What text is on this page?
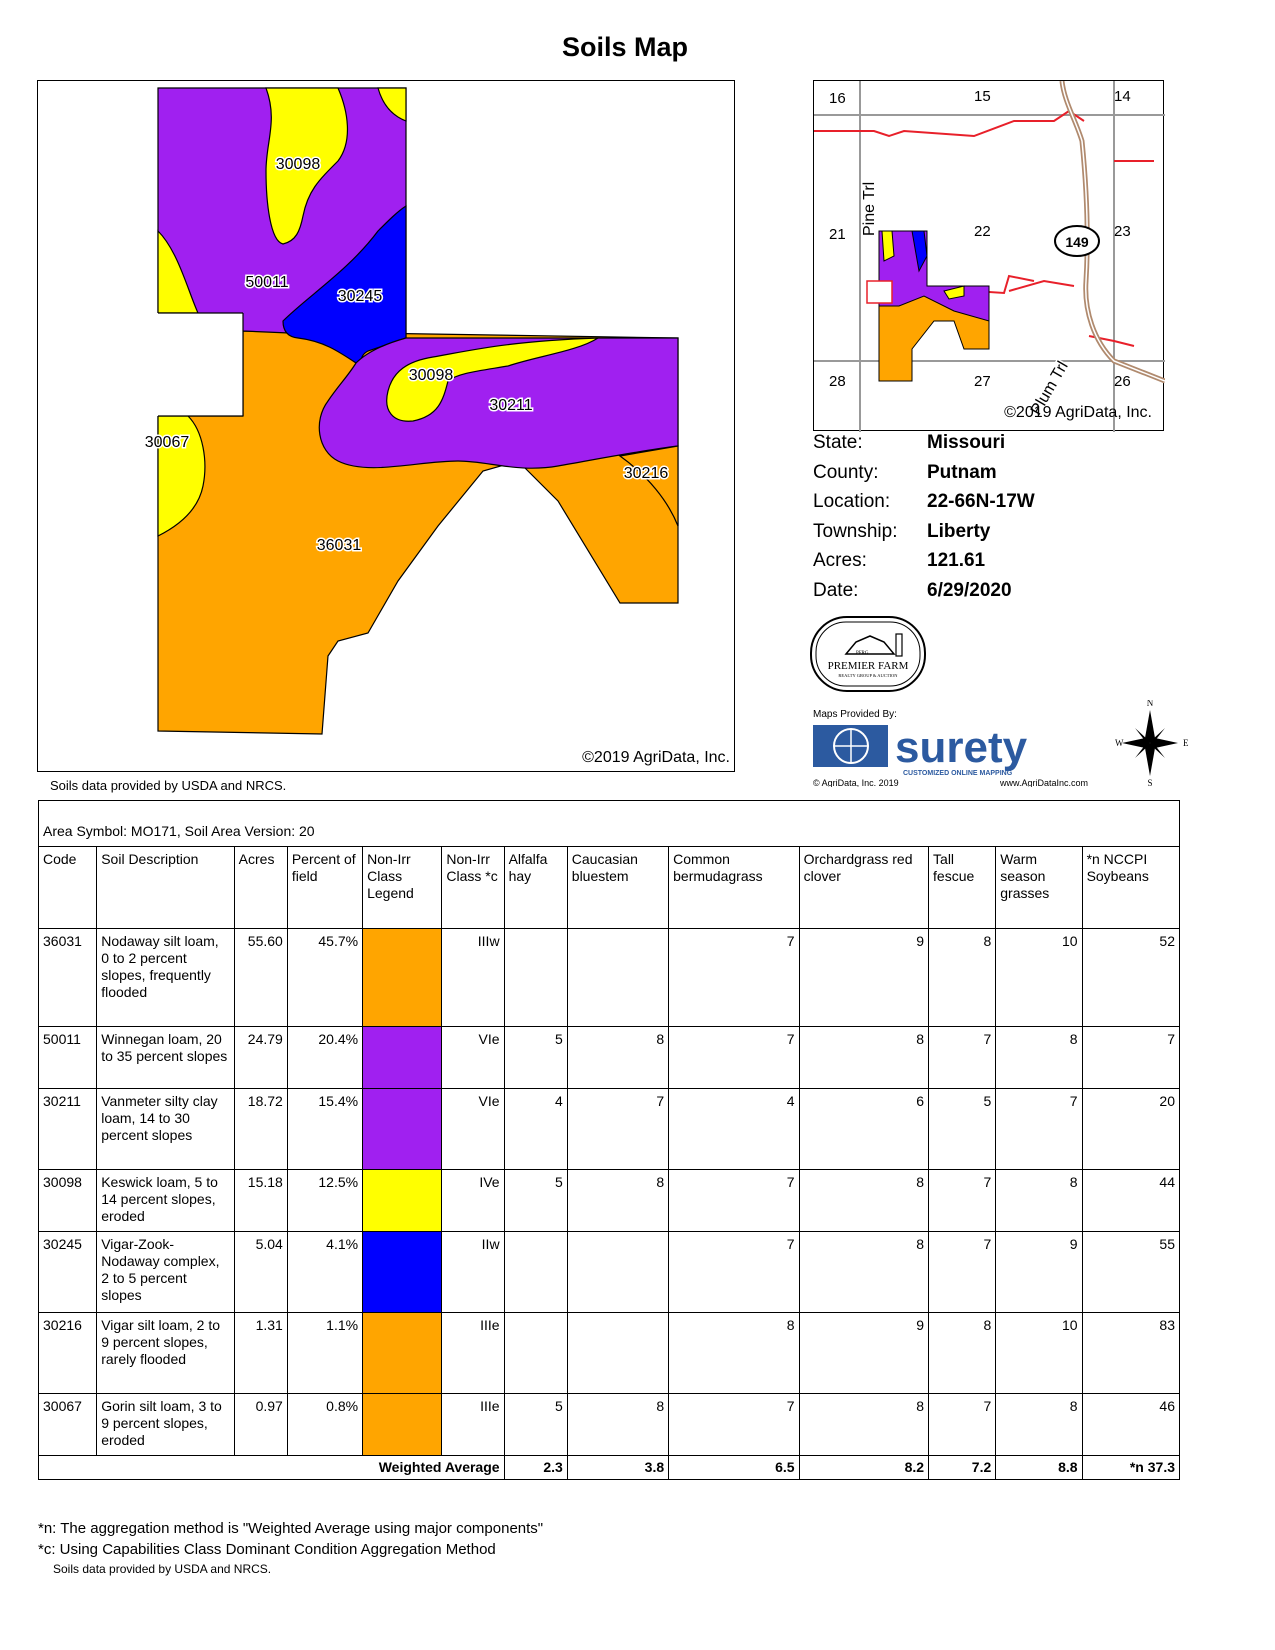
Soils Map
30098
50011
30245
30098
30211
30067
30216
36031
©2019 AgriData, Inc.
Soils data provided by USDA and NRCS.
16	15	14
21	22	23
28	27	26
Pine Trl
Plum Trl
149
©2019 AgriData, Inc.
State:	Missouri
County:	Putnam
Location:	22-66N-17W
Township:	Liberty
Acres:	121.61
Date:	6/29/2020
PFRG
PREMIER FARM
REALTY GROUP & AUCTION
Maps Provided By:
surety
CUSTOMIZED ONLINE MAPPING
© AgriData, Inc. 2019	www.AgriDataInc.com
N
S
W	E
Area Symbol: MO171, Soil Area Version: 20												
Code	Soil Description	Acres	Percent of field	Non-Irr Class Legend	Non-Irr Class *c	Alfalfa hay	Caucasian bluestem	Common bermudagrass	Orchardgrass red clover	Tall fescue	Warm season grasses	*n NCCPI Soybeans
36031	Nodaway silt loam, 0 to 2 percent slopes, frequently flooded	55.60	45.7%		IIIw			7	9	8	10	52
50011	Winnegan loam, 20 to 35 percent slopes	24.79	20.4%		VIe	5	8	7	8	7	8	7
30211	Vanmeter silty clay loam, 14 to 30 percent slopes	18.72	15.4%		VIe	4	7	4	6	5	7	20
30098	Keswick loam, 5 to 14 percent slopes, eroded	15.18	12.5%		IVe	5	8	7	8	7	8	44
30245	Vigar-Zook-Nodaway complex, 2 to 5 percent slopes	5.04	4.1%		IIw			7	8	7	9	55
30216	Vigar silt loam, 2 to 9 percent slopes, rarely flooded	1.31	1.1%		IIIe			8	9	8	10	83
30067	Gorin silt loam, 3 to 9 percent slopes, eroded	0.97	0.8%		IIIe	5	8	7	8	7	8	46
Weighted Average						2.3	3.8	6.5	8.2	7.2	8.8	*n 37.3
*n: The aggregation method is "Weighted Average using major components"
*c: Using Capabilities Class Dominant Condition Aggregation Method
Soils data provided by USDA and NRCS.
